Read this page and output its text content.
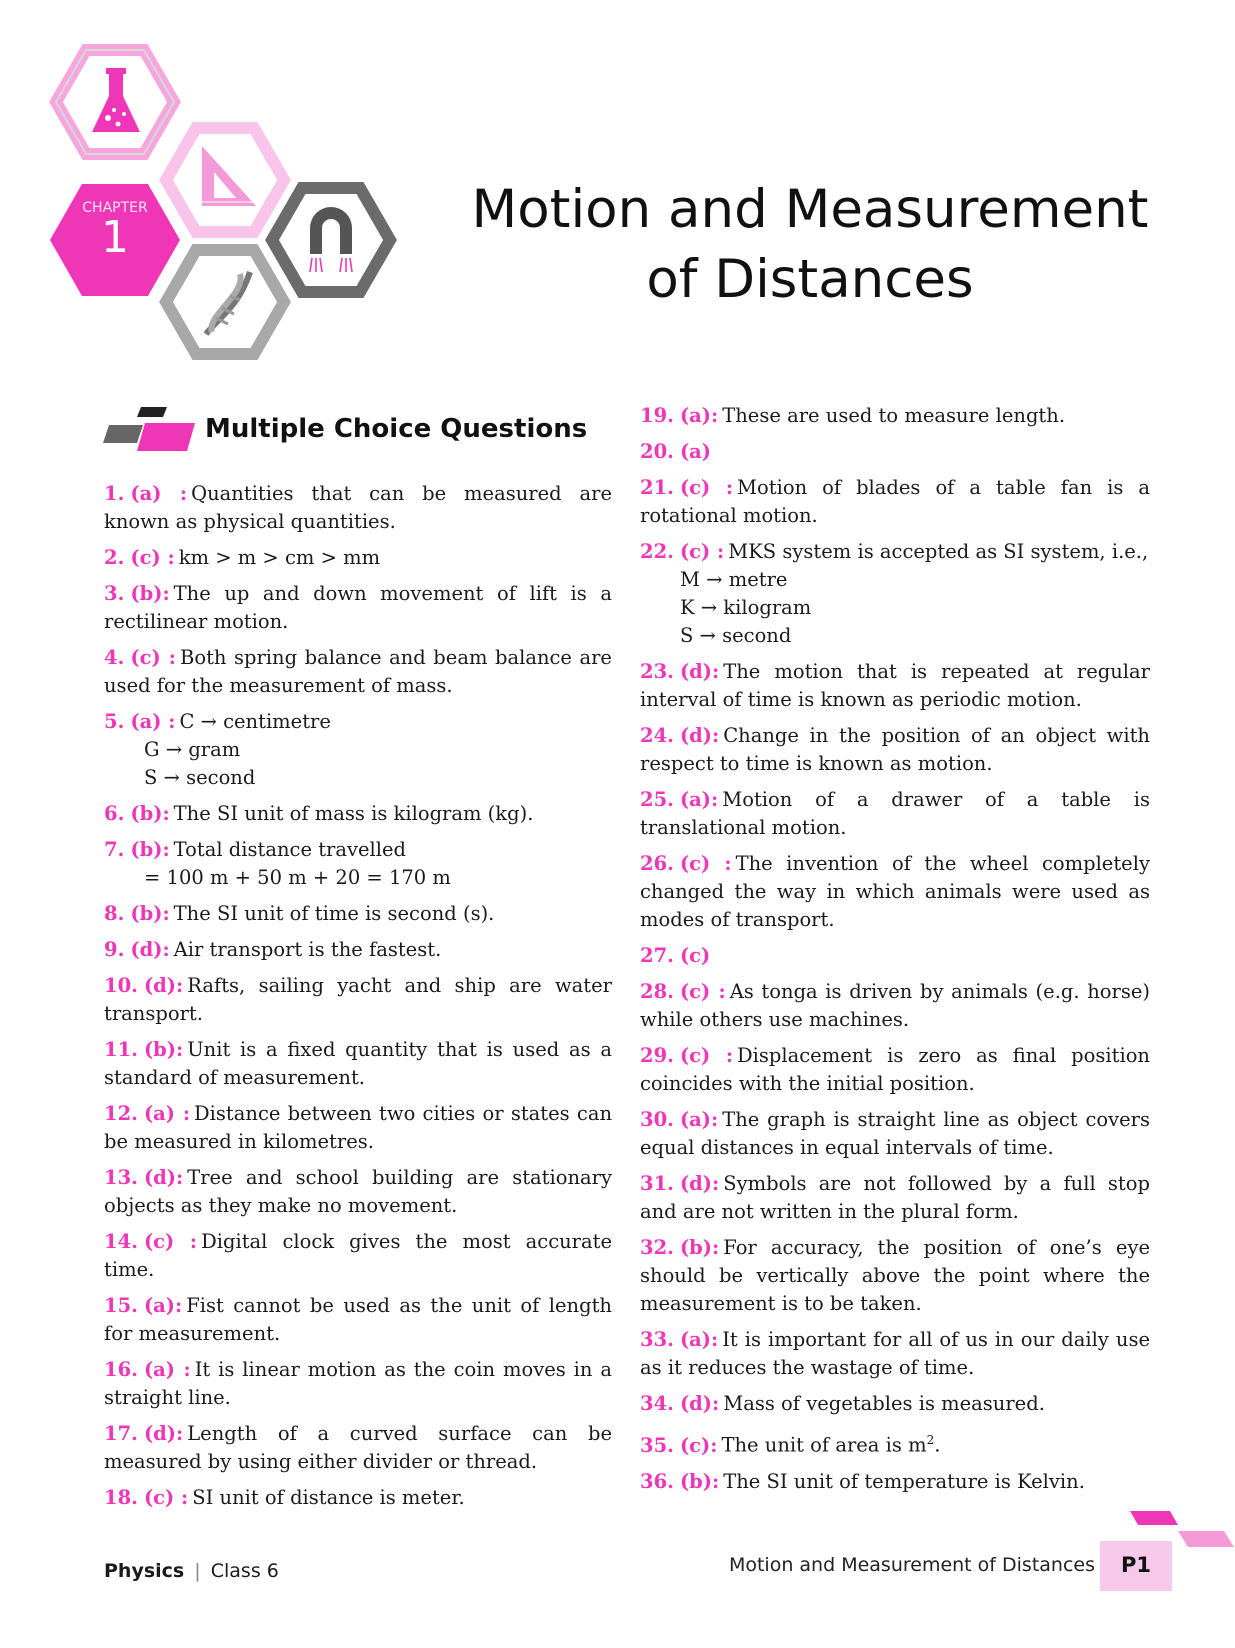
CHAPTER
1	Motion and Measurement
of Distances
Multiple Choice Questions
1. (a) : Quantities that can be measured are known as physical quantities.
2. (c) : km > m > cm > mm
3. (b): The up and down movement of lift is a rectilinear motion.
4. (c) : Both spring balance and beam balance are used for the measurement of mass.
5. (a) : C → centimetre
G → gram
S → second
6. (b): The SI unit of mass is kilogram (kg).
7. (b): Total distance travelled
= 100 m + 50 m + 20 = 170 m
8. (b): The SI unit of time is second (s).
9. (d): Air transport is the fastest.
10. (d): Rafts, sailing yacht and ship are water transport.
11. (b): Unit is a fixed quantity that is used as a standard of measurement.
12. (a) : Distance between two cities or states can be measured in kilometres.
13. (d): Tree and school building are stationary objects as they make no movement.
14. (c) : Digital clock gives the most accurate time.
15. (a): Fist cannot be used as the unit of length for measurement.
16. (a) : It is linear motion as the coin moves in a straight line.
17. (d): Length of a curved surface can be measured by using either divider or thread.
18. (c) : SI unit of distance is meter.
19. (a): These are used to measure length.
20. (a)
21. (c) : Motion of blades of a table fan is a rotational motion.
22. (c) : MKS system is accepted as SI system, i.e.,
M → metre
K → kilogram
S → second
23. (d): The motion that is repeated at regular interval of time is known as periodic motion.
24. (d): Change in the position of an object with respect to time is known as motion.
25. (a): Motion of a drawer of a table is translational motion.
26. (c) : The invention of the wheel completely changed the way in which animals were used as modes of transport.
27. (c)
28. (c) : As tonga is driven by animals (e.g. horse) while others use machines.
29. (c) : Displacement is zero as final position coincides with the initial position.
30. (a): The graph is straight line as object covers equal distances in equal intervals of time.
31. (d): Symbols are not followed by a full stop and are not written in the plural form.
32. (b): For accuracy, the position of one’s eye should be vertically above the point where the measurement is to be taken.
33. (a): It is important for all of us in our daily use as it reduces the wastage of time.
34. (d): Mass of vegetables is measured.
35. (c): The unit of area is $m^2$.
36. (b): The SI unit of temperature is Kelvin.
Physics | Class 6	Motion and Measurement of Distances	P1
